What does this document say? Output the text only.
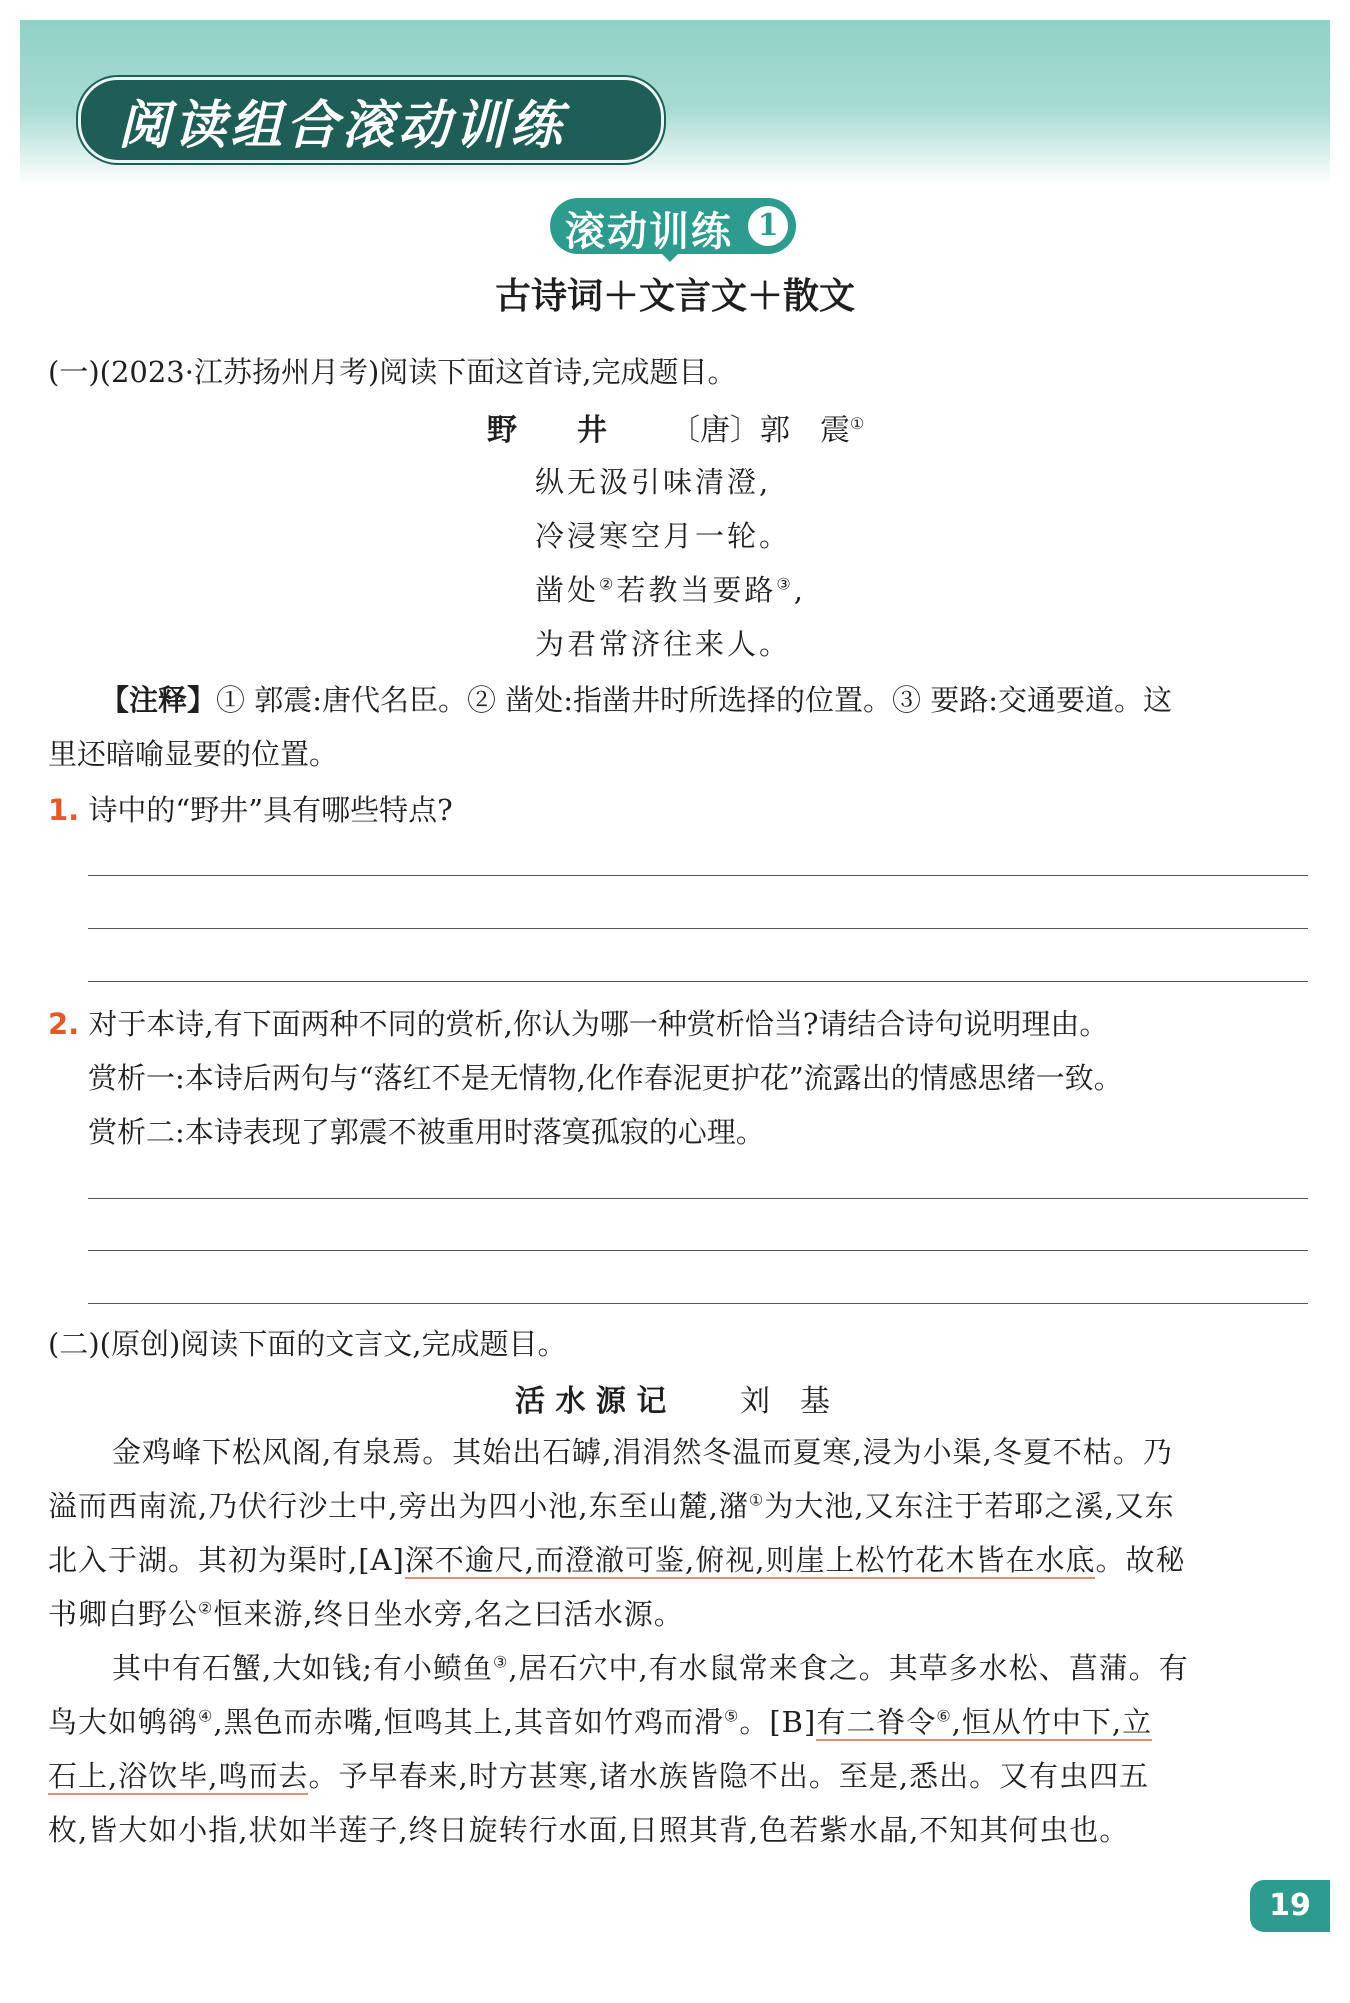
阅读组合滚动训练
滚动训练 1
古诗词＋文言文＋散文
(一)(2023·江苏扬州月考)阅读下面这首诗,完成题目。
野　　井 〔唐〕郭　震①
纵无汲引味清澄,
冷浸寒空月一轮。
凿处②若教当要路③,
为君常济往来人。
【注释】① 郭震:唐代名臣。② 凿处:指凿井时所选择的位置。③ 要路:交通要道。这
里还暗喻显要的位置。
1. 诗中的“野井”具有哪些特点?
2. 对于本诗,有下面两种不同的赏析,你认为哪一种赏析恰当?请结合诗句说明理由。
赏析一:本诗后两句与“落红不是无情物,化作春泥更护花”流露出的情感思绪一致。
赏析二:本诗表现了郭震不被重用时落寞孤寂的心理。
(二)(原创)阅读下面的文言文,完成题目。
活 水 源 记 刘　基
金鸡峰下松风阁,有泉焉。其始出石罅,涓涓然冬温而夏寒,浸为小渠,冬夏不枯。乃
溢而西南流,乃伏行沙土中,旁出为四小池,东至山麓,潴①为大池,又东注于若耶之溪,又东
北入于湖。其初为渠时,[A]深不逾尺,而澄澈可鉴,俯视,则崖上松竹花木皆在水底。故秘
书卿白野公②恒来游,终日坐水旁,名之曰活水源。
其中有石蟹,大如钱;有小鲼鱼③,居石穴中,有水鼠常来食之。其草多水松、菖蒲。有
鸟大如鸲鹆④,黑色而赤嘴,恒鸣其上,其音如竹鸡而滑⑤。[B]有二脊令⑥,恒从竹中下,立
石上,浴饮毕,鸣而去。予早春来,时方甚寒,诸水族皆隐不出。至是,悉出。又有虫四五
枚,皆大如小指,状如半莲子,终日旋转行水面,日照其背,色若紫水晶,不知其何虫也。
19
